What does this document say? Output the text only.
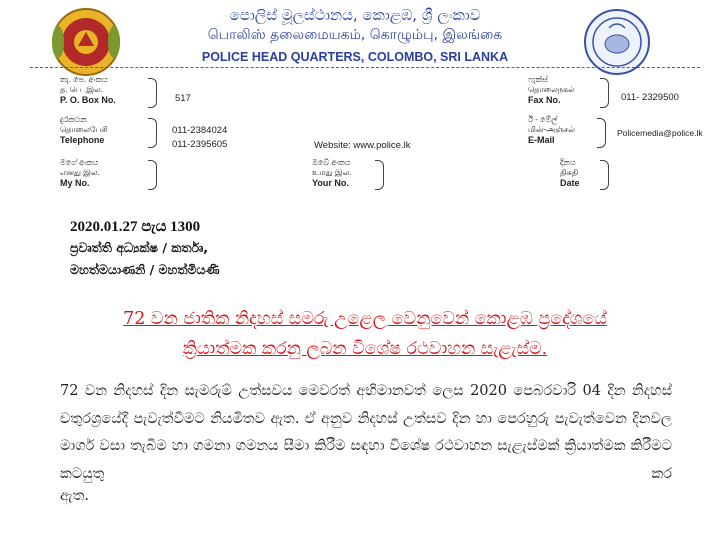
පොලිස් මූලස්ථානය, කොළඹ, ශ්‍රී ලංකාව
பொலிஸ் தலைமையகம், கொழும்பு, இலங்கை
POLICE HEAD QUARTERS, COLOMBO, SRI LANKA
තැ. පෙ. අංකය
த. பெ .இல.
P. O. Box No.	517
ෆැක්ස්
தொலைநகல்
Fax No.	011- 2329500
දුරකථන
தொலைபேசி
Telephone
011-2384024
011-2395605	Website: www.police.lk
ඊ - මේල්
மின்-அஞ்சல்
E-Mail
Policemedia@police.lk
මගේ අංකය
எனது இல.
My No.
ඔබේ අංකය
உமது இல.
Your No.
දිනය
திகதி
Date
2020.01.27 පැය 1300
ප්‍රවෘත්ති අධ්‍යක්ෂ / කර්තෘ,
මහත්මයාණනි / මහත්මියණි
72 වන ජාතික නිදහස් සමරු උළෙල වෙනුවෙන් කොළඹ ප්‍රදේශයේ
ක්‍රියාත්මක කරනු ලබන විශේෂ රථවාහන සැළැස්ම.
72 වන නිදහස් දින සැමරුම් උත්සවය මෙවරත් අභිමානවත් ලෙස 2020 පෙබරවාරි 04 දින නිදහස් චතුරශ්‍රයේදී පැවැත්වීමට නියමිතව ඇත. ඒ අනුව නිදහස් උත්සව දින හා පෙරහුරු පැවැත්වෙන දිනවල මාර්ග වසා තැබීම හා ගමනා ගමනය සීමා කිරීම සඳහා විශේෂ රථවාහන සැළැස්මක් ක්‍රියාත්මක කිරීමට කටයුතු කර
ඇත.
